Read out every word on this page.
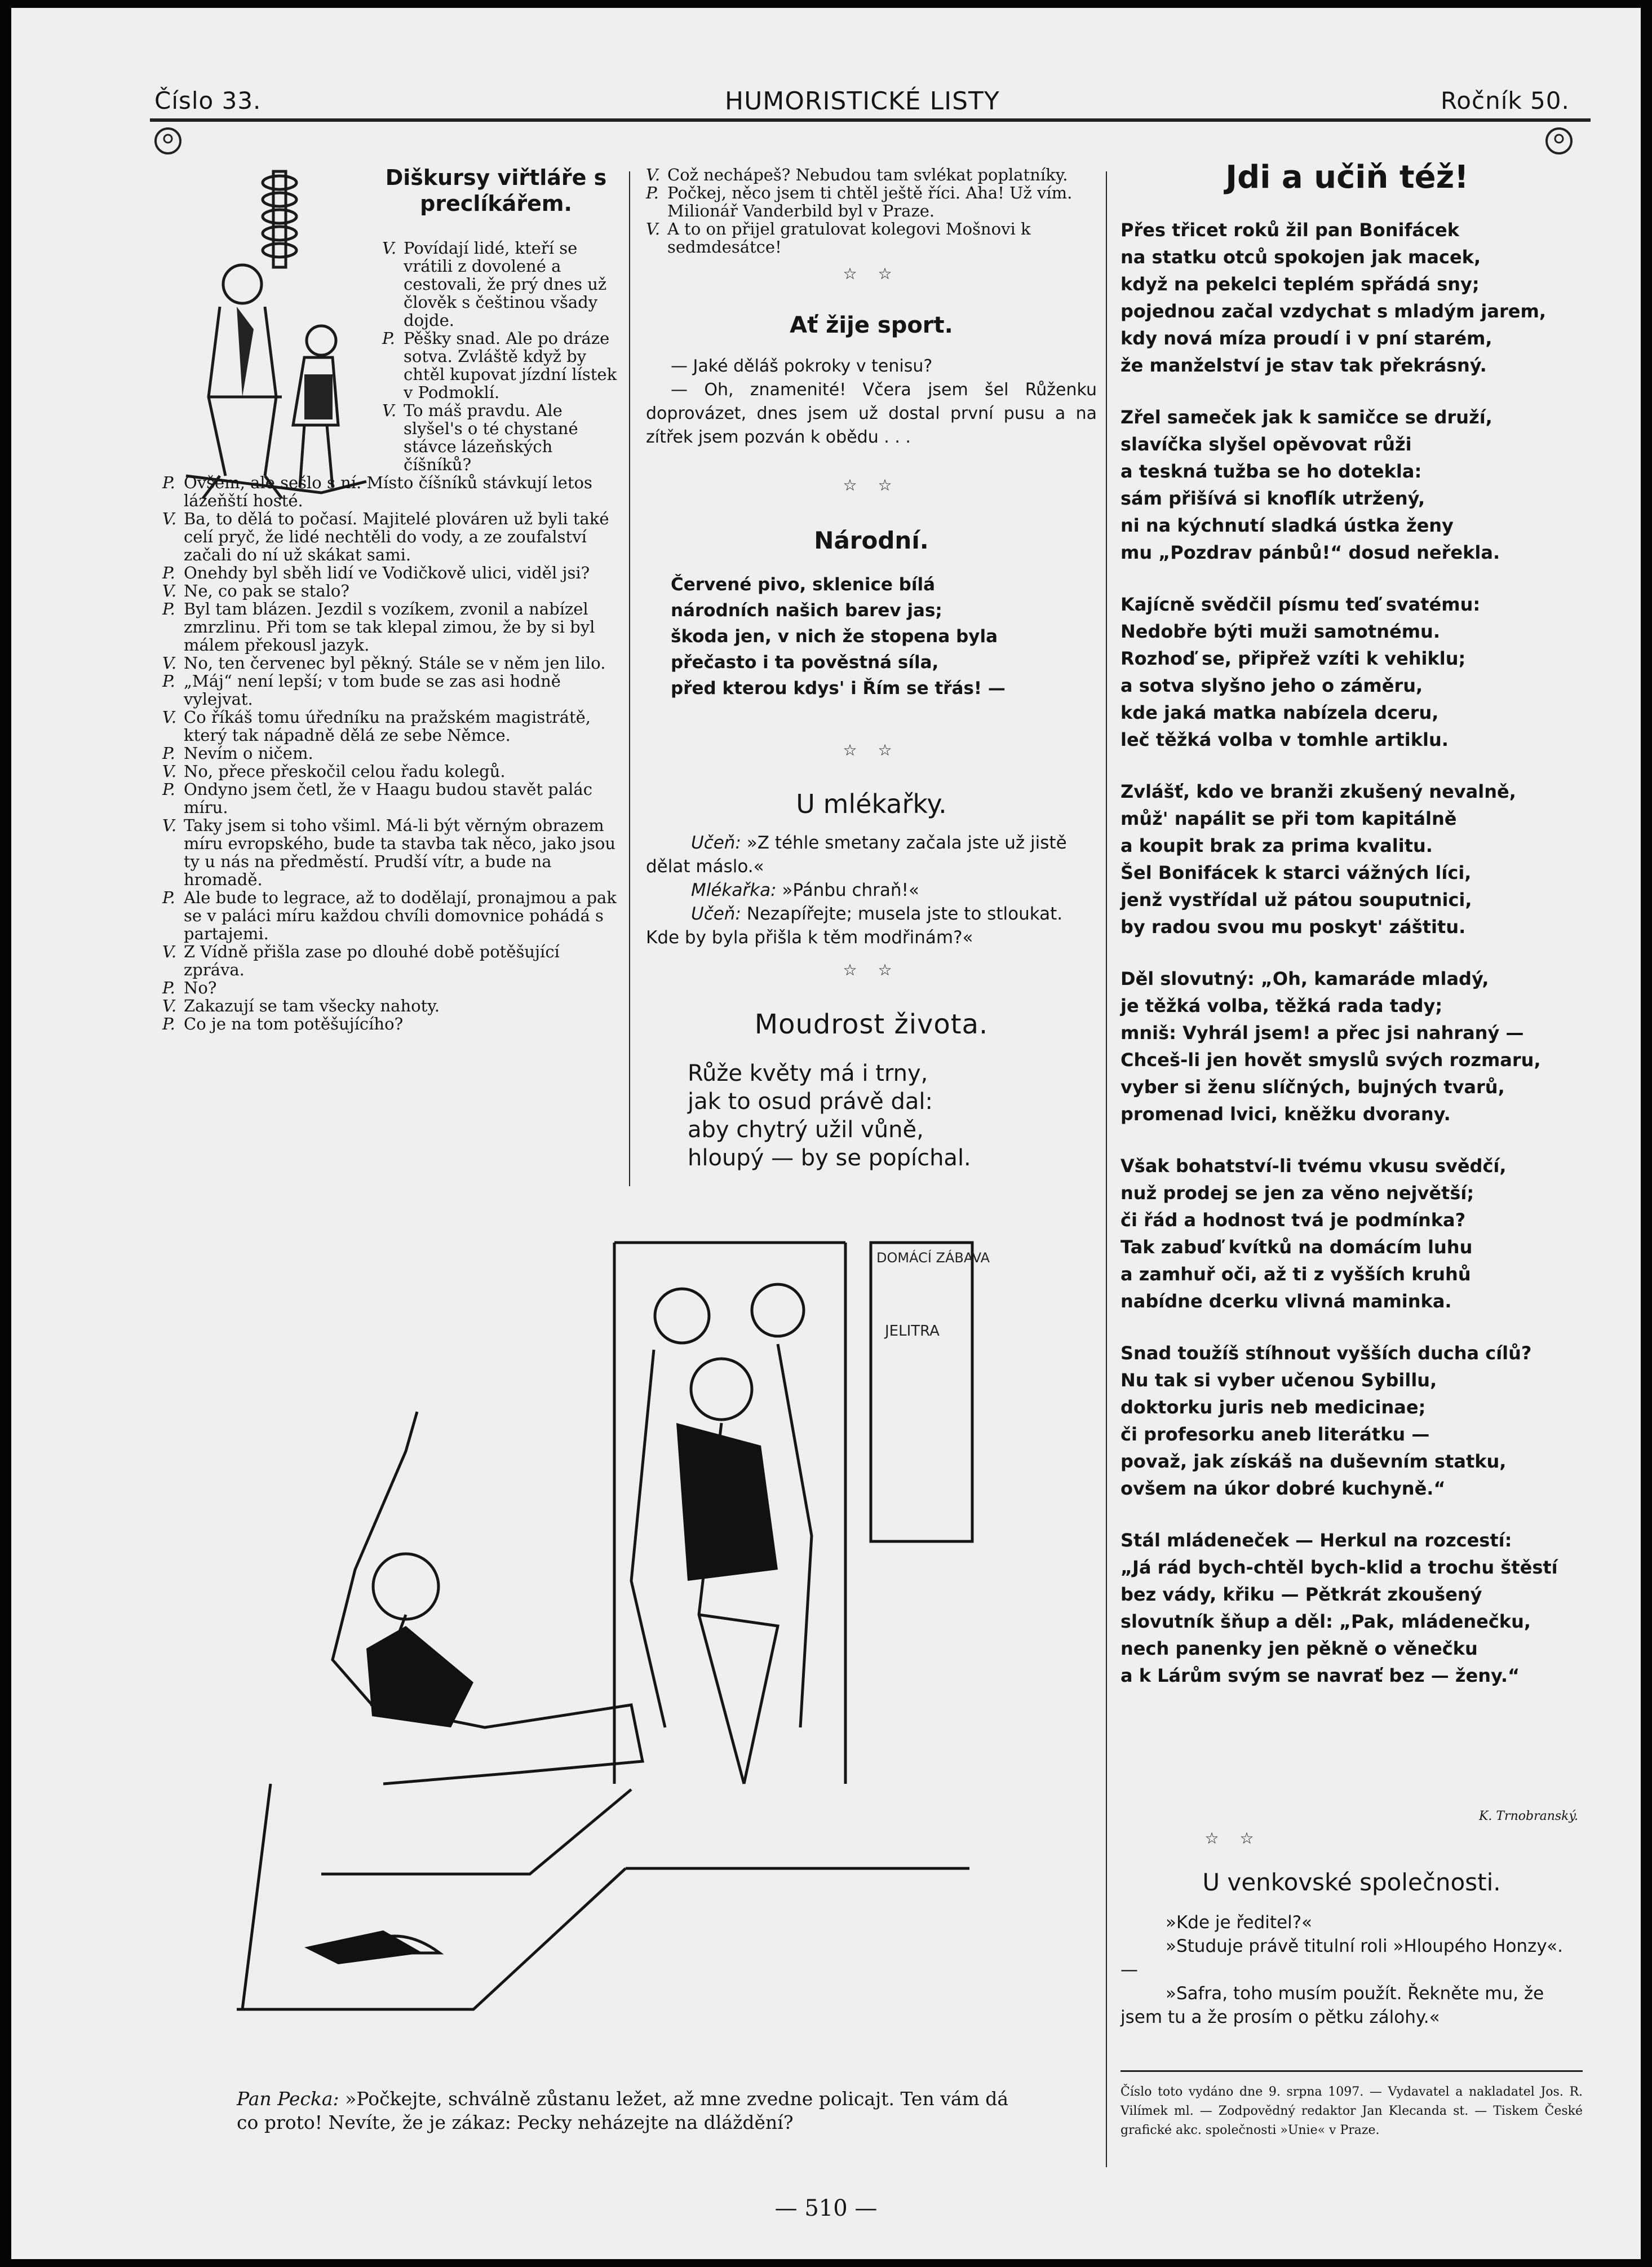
Číslo 33.	HUMORISTICKÉ LISTY	Ročník 50.
Diškursy viřtláře s preclíkářem.
V. Povídají lidé, kteří se vrátili z dovolené a cestovali, že prý dnes už člověk s češtinou všady dojde.
P. Pěšky snad. Ale po dráze sotva. Zvláště když by chtěl kupovat jízdní lístek v Podmoklí.
V. To máš pravdu. Ale slyšel's o té chystané stávce lázeňských číšníků?
P. Ovšem, ale sešlo s ní. Místo číšníků stávkují letos lázeňští hosté.
V. Ba, to dělá to počasí. Majitelé plováren už byli také celí pryč, že lidé nechtěli do vody, a ze zoufalství začali do ní už skákat sami.
P. Onehdy byl sběh lidí ve Vodičkově ulici, viděl jsi?
V. Ne, co pak se stalo?
P. Byl tam blázen. Jezdil s vozíkem, zvonil a nabízel zmrzlinu. Při tom se tak klepal zimou, že by si byl málem překousl jazyk.
V. No, ten červenec byl pěkný. Stále se v něm jen lilo.
P. „Máj“ není lepší; v tom bude se zas asi hodně vylejvat.
V. Co říkáš tomu úředníku na pražském magistrátě, který tak nápadně dělá ze sebe Němce.
P. Nevím o ničem.
V. No, přece přeskočil celou řadu kolegů.
P. Ondyno jsem četl, že v Haagu budou stavět palác míru.
V. Taky jsem si toho všiml. Má-li být věrným obrazem míru evropského, bude ta stavba tak něco, jako jsou ty u nás na předměstí. Prudší vítr, a bude na hromadě.
P. Ale bude to legrace, až to dodělají, pronajmou a pak se v paláci míru každou chvíli domovnice pohádá s partajemi.
V. Z Vídně přišla zase po dlouhé době potěšující zpráva.
P. No?
V. Zakazují se tam všecky nahoty.
P. Co je na tom potěšujícího?
V. Což nechápeš? Nebudou tam svlékat poplatníky.
P. Počkej, něco jsem ti chtěl ještě říci. Aha! Už vím. Milionář Vanderbild byl v Praze.
V. A to on přijel gratulovat kolegovi Mošnovi k sedmdesátce!
☆ ☆
Ať žije sport.

— Jaké děláš pokroky v tenisu?

— Oh, znamenité! Včera jsem šel Růženku doprovázet, dnes jsem už dostal první pusu a na zítřek jsem pozván k obědu . . .

☆ ☆
Národní.
Červené pivo, sklenice bílá
národních našich barev jas;
škoda jen, v nich že stopena byla
přečasto i ta pověstná síla,
před kterou kdys' i Řím se třás! —
☆ ☆
U mlékařky.
Učeň: »Z téhle smetany začala jste už jistě dělat máslo.«
Mlékařka: »Pánbu chraň!«
Učeň: Nezapířejte; musela jste to stloukat. Kde by byla přišla k těm modřinám?«
☆ ☆
Moudrost života.
Růže květy má i trny,
jak to osud právě dal:
aby chytrý užil vůně,
hloupý — by se popíchal.
Jdi a učiň též!

Přes třicet roků žil pan Bonifácek

na statku otců spokojen jak macek,

když na pekelci teplém spřádá sny;

pojednou začal vzdychat s mladým jarem,

kdy nová míza proudí i v pní starém,

že manželství je stav tak překrásný.

Zřel sameček jak k samičce se druží,

slavíčka slyšel opěvovat růži

a teskná tužba se ho dotekla:

sám přišívá si knoflík utržený,

ni na kýchnutí sladká ústka ženy

mu „Pozdrav pánbů!“ dosud neřekla.

Kajícně svědčil písmu teď svatému:

Nedobře býti muži samotnému.

Rozhoď se, připřež vzíti k vehiklu;

a sotva slyšno jeho o záměru,

kde jaká matka nabízela dceru,

leč těžká volba v tomhle artiklu.

Zvlášť, kdo ve branži zkušený nevalně,

můž' napálit se při tom kapitálně

a koupit brak za prima kvalitu.

Šel Bonifácek k starci vážných líci,

jenž vystřídal už pátou souputnici,

by radou svou mu poskyt' záštitu.

Děl slovutný: „Oh, kamaráde mladý,

je těžká volba, těžká rada tady;

mniš: Vyhrál jsem! a přec jsi nahraný —

Chceš-li jen hovět smyslů svých rozmaru,

vyber si ženu slíčných, bujných tvarů,

promenad lvici, kněžku dvorany.

Však bohatství-li tvému vkusu svědčí,

nuž prodej se jen za věno největší;

či řád a hodnost tvá je podmínka?

Tak zabuď kvítků na domácím luhu

a zamhuř oči, až ti z vyšších kruhů

nabídne dcerku vlivná maminka.

Snad toužíš stíhnout vyšších ducha cílů?

Nu tak si vyber učenou Sybillu,

doktorku juris neb medicinae;

či profesorku aneb literátku —

považ, jak získáš na duševním statku,

ovšem na úkor dobré kuchyně.“

Stál mládeneček — Herkul na rozcestí:

„Já rád bych-chtěl bych-klid a trochu štěstí

bez vády, křiku — Pětkrát zkoušený

slovutník šňup a děl: „Pak, mládenečku,

nech panenky jen pěkně o věnečku

a k Lárům svým se navrať bez — ženy.“

K. Trnobranský.
☆ ☆
U venkovské společnosti.
»Kde je ředitel?«
»Studuje právě titulní roli »Hloupého Honzy«. —
»Safra, toho musím použít. Řekněte mu, že jsem tu a že prosím o pětku zálohy.«
Číslo toto vydáno dne 9. srpna 1097. — Vydavatel a nakladatel Jos. R. Vilímek ml. — Zodpovědný redaktor Jan Klecanda st. — Tiskem České grafické akc. společnosti »Unie« v Praze.
DOMÁCÍ ZÁBAVA
JELITRA
Pan Pecka: »Počkejte, schválně zůstanu ležet, až mne zvedne policajt. Ten vám dá co proto! Nevíte, že je zákaz: Pecky neházejte na dláždění?
— 510 —
